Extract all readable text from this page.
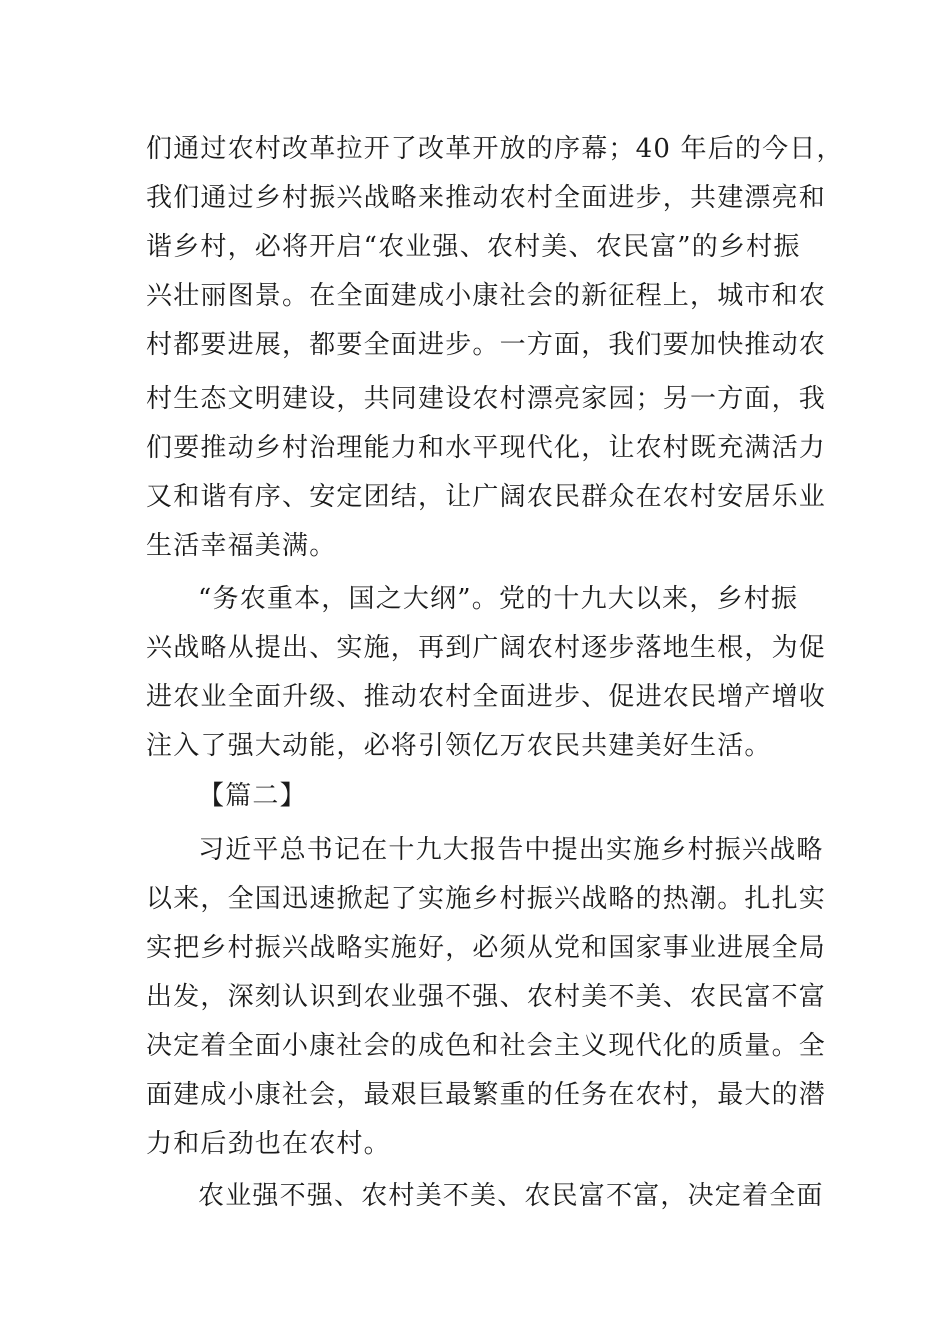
们通过农村改革拉开了改革开放的序幕；40 年后的今日，
我们通过乡村振兴战略来推动农村全面进步，共建漂亮和
谐乡村，必将开启“农业强、农村美、农民富”的乡村振
兴壮丽图景。在全面建成小康社会的新征程上，城市和农
村都要进展，都要全面进步。一方面，我们要加快推动农
村生态文明建设，共同建设农村漂亮家园；另一方面，我
们要推动乡村治理能力和水平现代化，让农村既充满活力
又和谐有序、安定团结，让广阔农民群众在农村安居乐业
生活幸福美满。
“务农重本，国之大纲”。党的十九大以来，乡村振
兴战略从提出、实施，再到广阔农村逐步落地生根，为促
进农业全面升级、推动农村全面进步、促进农民增产增收
注入了强大动能，必将引领亿万农民共建美好生活。
【篇二】
习近平总书记在十九大报告中提出实施乡村振兴战略
以来，全国迅速掀起了实施乡村振兴战略的热潮。扎扎实
实把乡村振兴战略实施好，必须从党和国家事业进展全局
出发，深刻认识到农业强不强、农村美不美、农民富不富
决定着全面小康社会的成色和社会主义现代化的质量。全
面建成小康社会，最艰巨最繁重的任务在农村，最大的潜
力和后劲也在农村。
农业强不强、农村美不美、农民富不富，决定着全面
